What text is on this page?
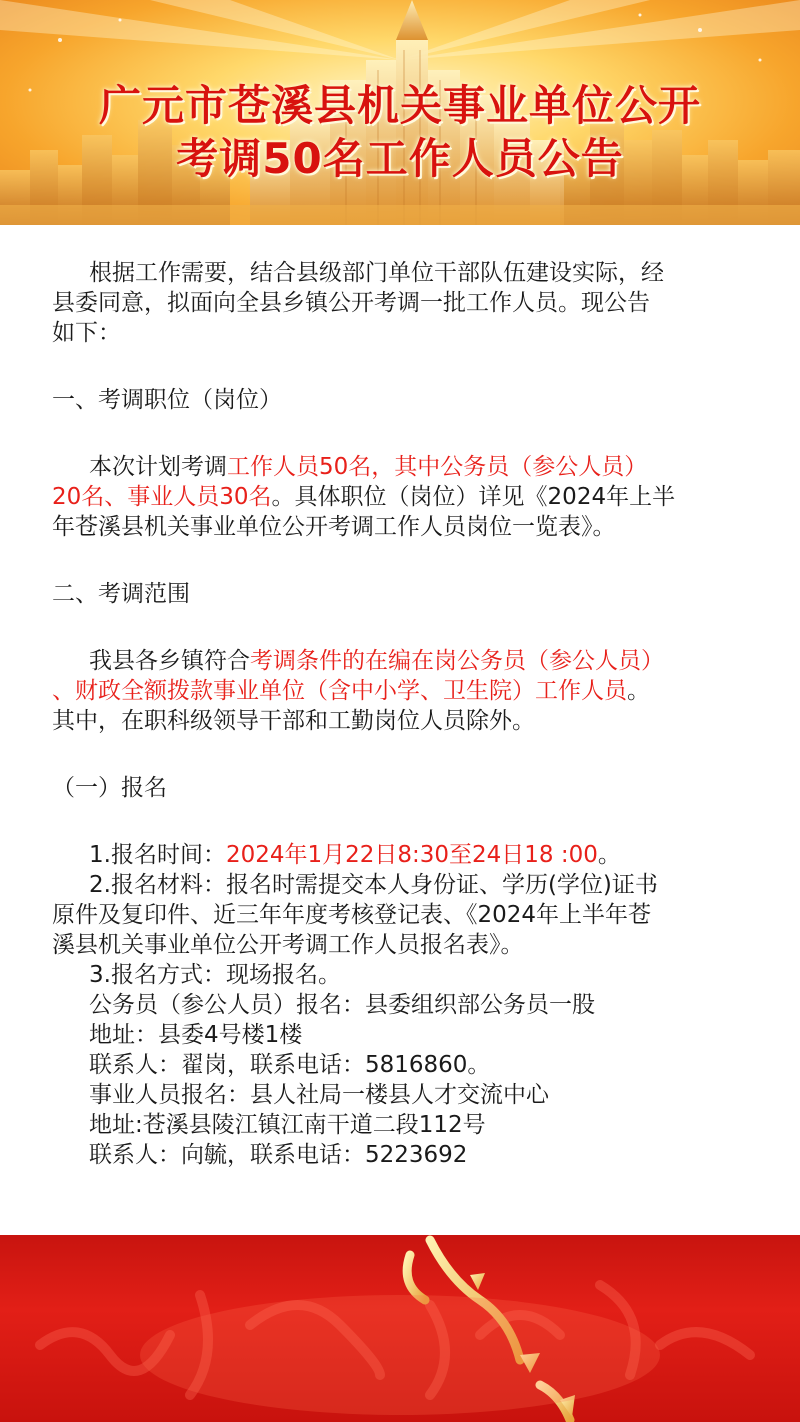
广元市苍溪县机关事业单位公开
考调50名工作人员公告
根据工作需要，结合县级部门单位干部队伍建设实际，经
县委同意，拟面向全县乡镇公开考调一批工作人员。现公告
如下：
一、考调职位（岗位）
本次计划考调工作人员50名，其中公务员（参公人员）
20名、事业人员30名。具体职位（岗位）详见《2024年上半
年苍溪县机关事业单位公开考调工作人员岗位一览表》。
二、考调范围
我县各乡镇符合考调条件的在编在岗公务员（参公人员）
、财政全额拨款事业单位（含中小学、卫生院）工作人员。
其中，在职科级领导干部和工勤岗位人员除外。
（一）报名
1.报名时间：2024年1月22日8:30至24日18 :00。
2.报名材料：报名时需提交本人身份证、学历(学位)证书
原件及复印件、近三年年度考核登记表、《2024年上半年苍
溪县机关事业单位公开考调工作人员报名表》。
3.报名方式：现场报名。
公务员（参公人员）报名：县委组织部公务员一股
地址：县委4号楼1楼
联系人：翟岗，联系电话：5816860。
事业人员报名：县人社局一楼县人才交流中心
地址:苍溪县陵江镇江南干道二段112号
联系人：向毓，联系电话：5223692
